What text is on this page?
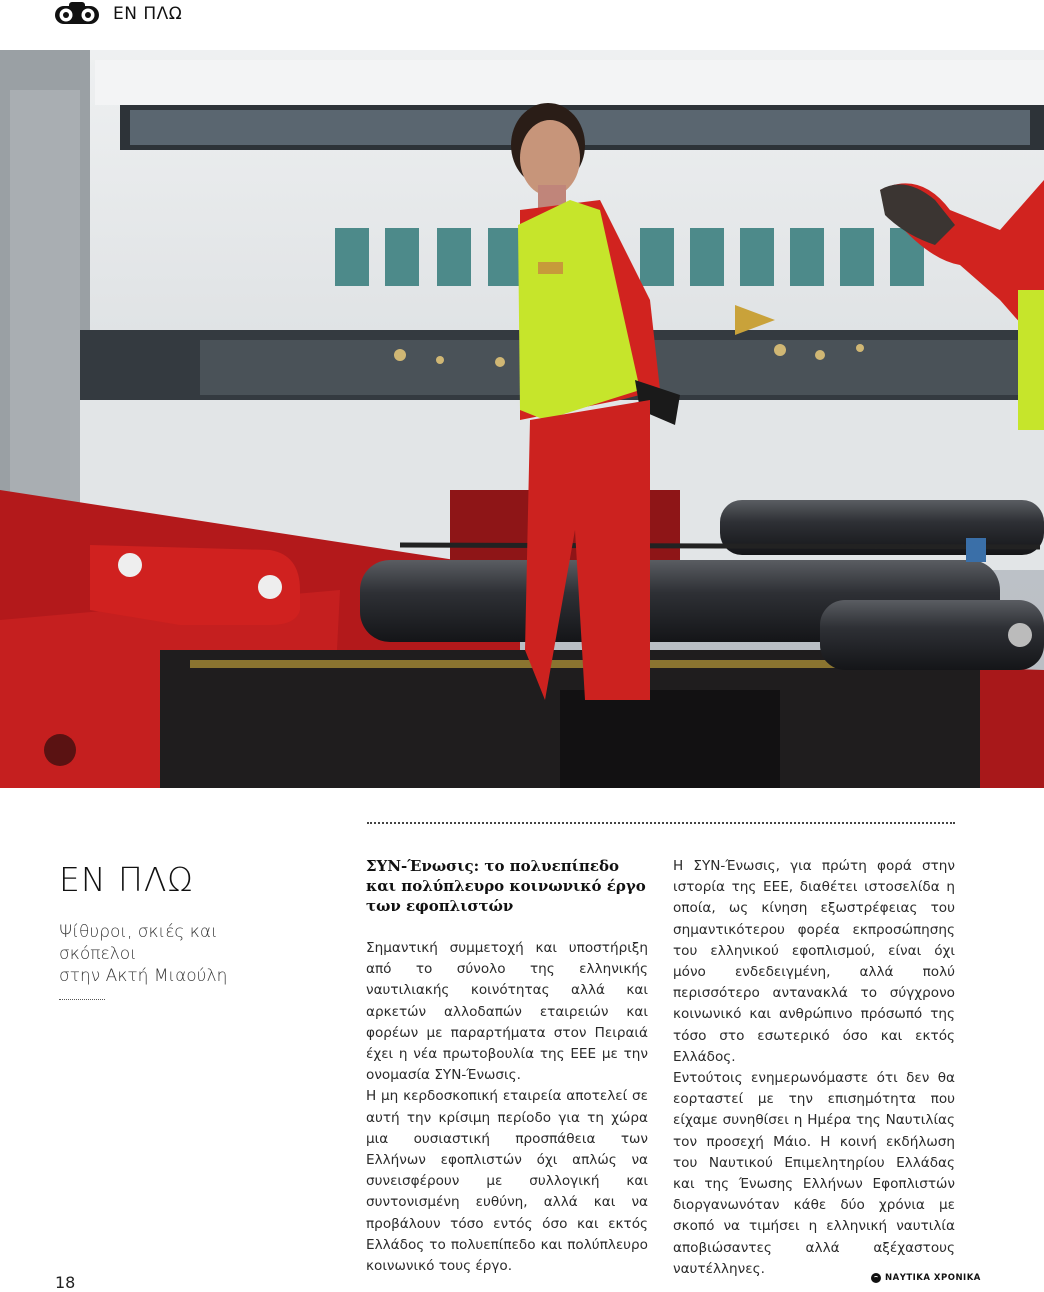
ΕΝ ΠΛΩ
ΕΝ ΠΛΩ
Ψίθυροι, σκιές και σκόπελοι
στην Ακτή Μιαούλη
ΣΥΝ-Ένωσις: το πολυεπίπεδο και πολύπλευρο κοινωνικό έργο των εφοπλιστών

Σημαντική συμμετοχή και υποστήριξη από το σύνολο της ελληνικής ναυτιλιακής κοινότητας αλλά και αρκετών αλλοδαπών εταιρειών και φορέων με παραρτήματα στον Πειραιά έχει η νέα πρωτοβουλία της ΕΕΕ με την ονομασία ΣΥΝ-Ένωσις.

Η μη κερδοσκοπική εταιρεία αποτελεί σε αυτή την κρίσιμη περίοδο για τη χώρα μια ουσιαστική προσπάθεια των Ελλήνων εφοπλιστών όχι απλώς να συνεισφέρουν με συλλογική και συντονισμένη ευθύνη, αλλά και να προβάλουν τόσο εντός όσο και εκτός Ελλάδος το πολυεπίπεδο και πολύπλευρο κοινωνικό τους έργο.

Η ΣΥΝ-Ένωσις, για πρώτη φορά στην ιστορία της ΕΕΕ, διαθέτει ιστοσελίδα η οποία, ως κίνηση εξωστρέφειας του σημαντικότερου φορέα εκπροσώπησης του ελληνικού εφοπλισμού, είναι όχι μόνο ενδεδειγμένη, αλλά πολύ περισσότερο αντανακλά το σύγχρονο κοινωνικό και ανθρώπινο πρόσωπό της τόσο στο εσωτερικό όσο και εκτός Ελλάδος.

Εντούτοις ενημερωνόμαστε ότι δεν θα εορταστεί με την επισημότητα που είχαμε συνηθίσει η Ημέρα της Ναυτιλίας τον προσεχή Μάιο. Η κοινή εκδήλωση του Ναυτικού Επιμελητηρίου Ελλάδας και της Ένωσης Ελλήνων Εφοπλιστών διοργανωνόταν κάθε δύο χρόνια με σκοπό να τιμήσει η ελληνική ναυτιλία αποβιώσαντες αλλά αξέχαστους ναυτέλληνες.

18	ΝΑΥΤΙΚΑ ΧΡΟΝΙΚΑ
